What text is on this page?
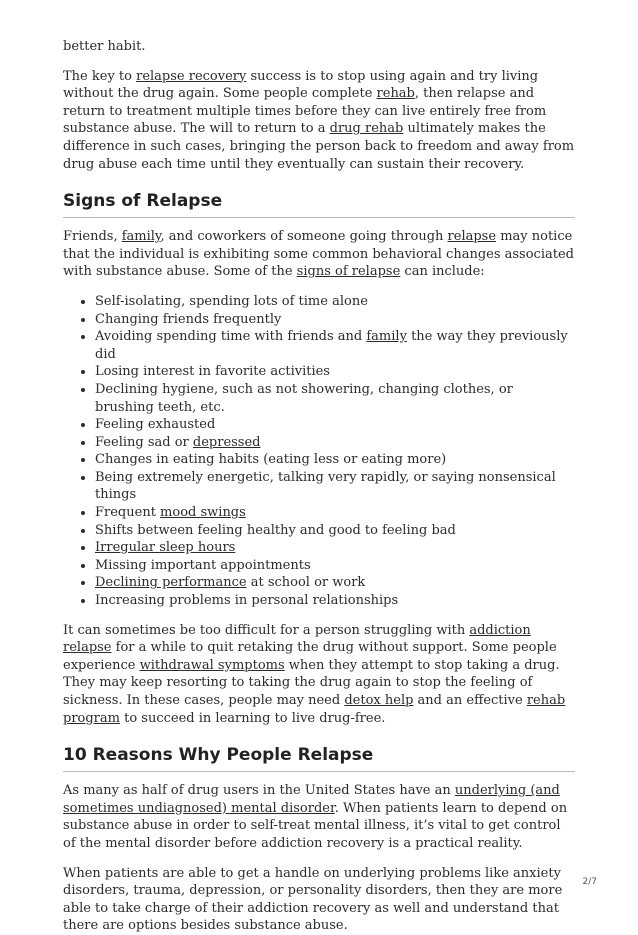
better habit.

The key to relapse recovery success is to stop using again and try living without the drug again. Some people complete rehab, then relapse and return to treatment multiple times before they can live entirely free from substance abuse. The will to return to a drug rehab ultimately makes the difference in such cases, bringing the person back to freedom and away from drug abuse each time until they eventually can sustain their recovery.

Signs of Relapse

Friends, family, and coworkers of someone going through relapse may notice that the individual is exhibiting some common behavioral changes associated with substance abuse. Some of the signs of relapse can include:

• Self-isolating, spending lots of time alone
• Changing friends frequently
• Avoiding spending time with friends and family the way they previously did
• Losing interest in favorite activities
• Declining hygiene, such as not showering, changing clothes, or brushing teeth, etc.
• Feeling exhausted
• Feeling sad or depressed
• Changes in eating habits (eating less or eating more)
• Being extremely energetic, talking very rapidly, or saying nonsensical things
• Frequent mood swings
• Shifts between feeling healthy and good to feeling bad
• Irregular sleep hours
• Missing important appointments
• Declining performance at school or work
• Increasing problems in personal relationships

It can sometimes be too difficult for a person struggling with addiction relapse for a while to quit retaking the drug without support. Some people experience withdrawal symptoms when they attempt to stop taking a drug. They may keep resorting to taking the drug again to stop the feeling of sickness. In these cases, people may need detox help and an effective rehab program to succeed in learning to live drug-free.

10 Reasons Why People Relapse

As many as half of drug users in the United States have an underlying (and sometimes undiagnosed) mental disorder. When patients learn to depend on substance abuse in order to self-treat mental illness, it’s vital to get control of the mental disorder before addiction recovery is a practical reality.

When patients are able to get a handle on underlying problems like anxiety disorders, trauma, depression, or personality disorders, then they are more able to take charge of their addiction recovery as well and understand that there are options besides substance abuse.

2/7
